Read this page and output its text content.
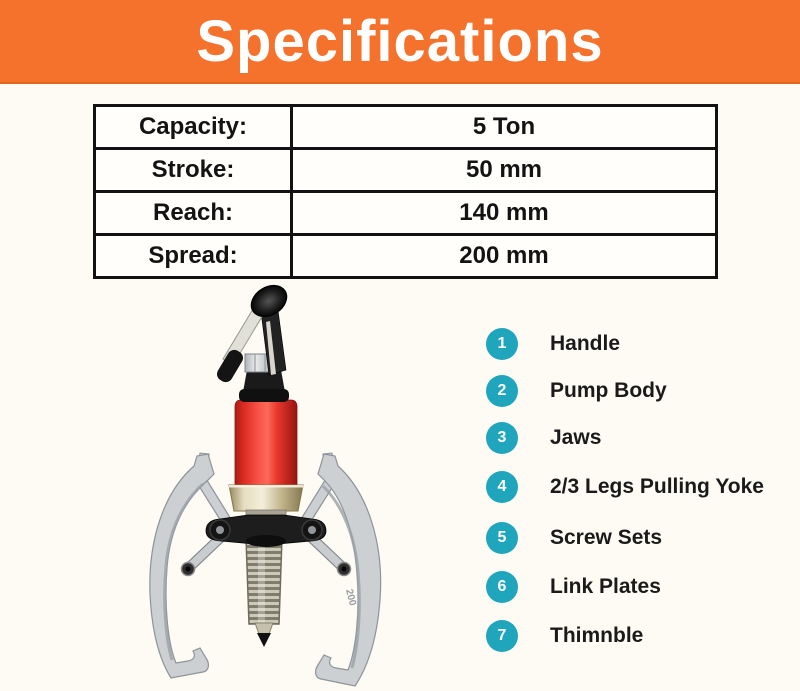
Specifications
Capacity:	5 Ton
Stroke:	50 mm
Reach:	140 mm
Spread:	200 mm
200
1	Handle
2	Pump Body
3	Jaws
4	2/3 Legs Pulling Yoke
5	Screw Sets
6	Link Plates
7	Thimnble
